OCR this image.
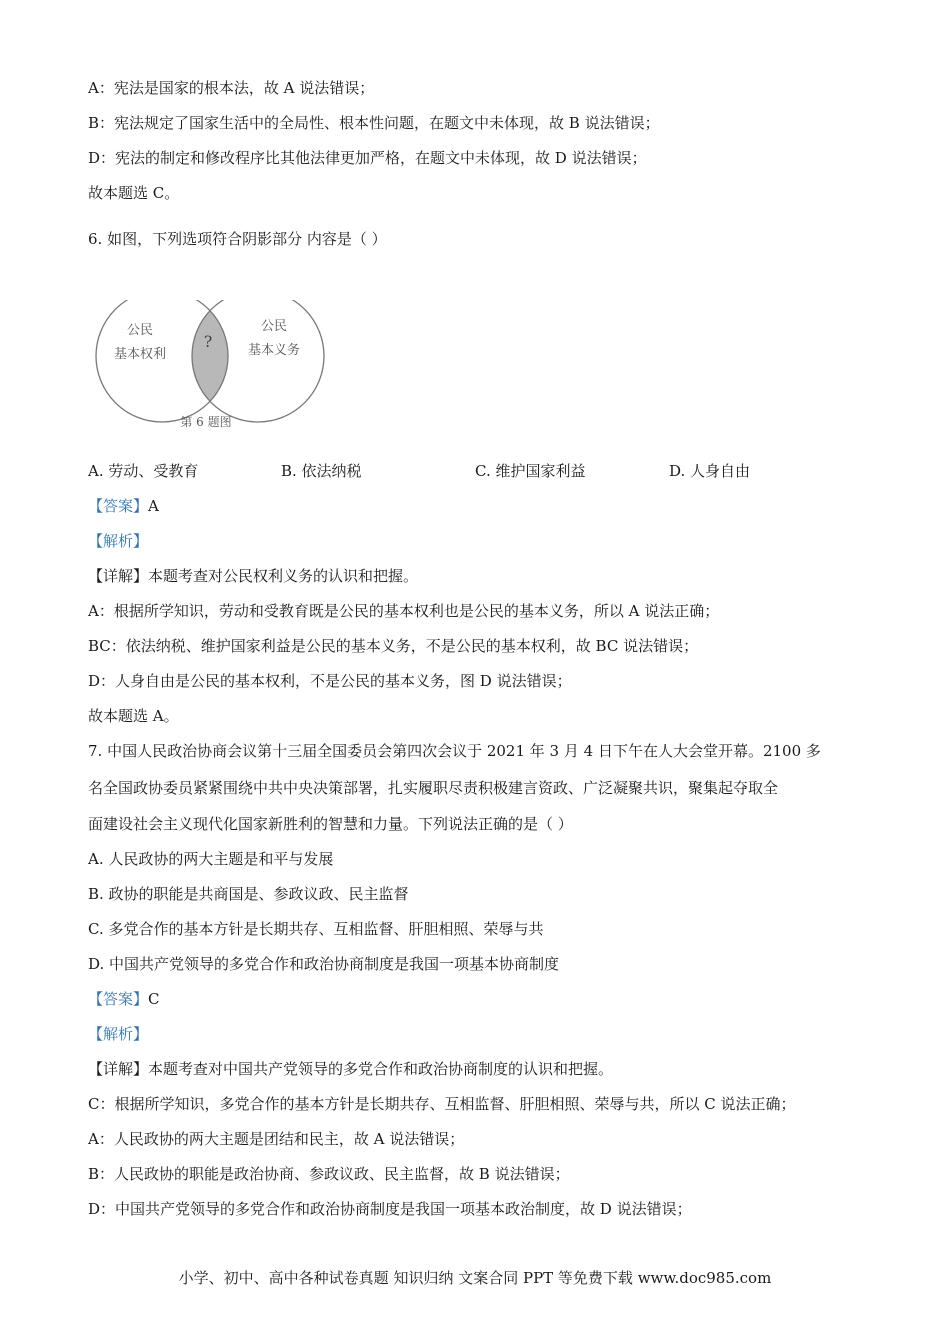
A：宪法是国家的根本法，故 A 说法错误；
B：宪法规定了国家生活中的全局性、根本性问题，在题文中未体现，故 B 说法错误；
D：宪法的制定和修改程序比其他法律更加严格，在题文中未体现，故 D 说法错误；
故本题选 C。
6. 如图，下列选项符合阴影部分 内容是（ ）
公民
基本权利
公民
基本义务
?
第 6 题图
A. 劳动、受教育	B. 依法纳税	C. 维护国家利益	D. 人身自由
【答案】A
【解析】
【详解】本题考查对公民权利义务的认识和把握。
A：根据所学知识，劳动和受教育既是公民的基本权利也是公民的基本义务，所以 A 说法正确；
BC：依法纳税、维护国家利益是公民的基本义务，不是公民的基本权利，故 BC 说法错误；
D：人身自由是公民的基本权利，不是公民的基本义务，图 D 说法错误；
故本题选 A。
7. 中国人民政治协商会议第十三届全国委员会第四次会议于 2021 年 3 月 4 日下午在人大会堂开幕。2100 多
名全国政协委员紧紧围绕中共中央决策部署，扎实履职尽责积极建言资政、广泛凝聚共识，聚集起夺取全
面建设社会主义现代化国家新胜利的智慧和力量。下列说法正确的是（ ）
A. 人民政协的两大主题是和平与发展
B. 政协的职能是共商国是、参政议政、民主监督
C. 多党合作的基本方针是长期共存、互相监督、肝胆相照、荣辱与共
D. 中国共产党领导的多党合作和政治协商制度是我国一项基本协商制度
【答案】C
【解析】
【详解】本题考查对中国共产党领导的多党合作和政治协商制度的认识和把握。
C：根据所学知识，多党合作的基本方针是长期共存、互相监督、肝胆相照、荣辱与共，所以 C 说法正确；
A：人民政协的两大主题是团结和民主，故 A 说法错误；
B：人民政协的职能是政治协商、参政议政、民主监督，故 B 说法错误；
D：中国共产党领导的多党合作和政治协商制度是我国一项基本政治制度，故 D 说法错误；
小学、初中、高中各种试卷真题 知识归纳 文案合同 PPT 等免费下载 www.doc985.com
